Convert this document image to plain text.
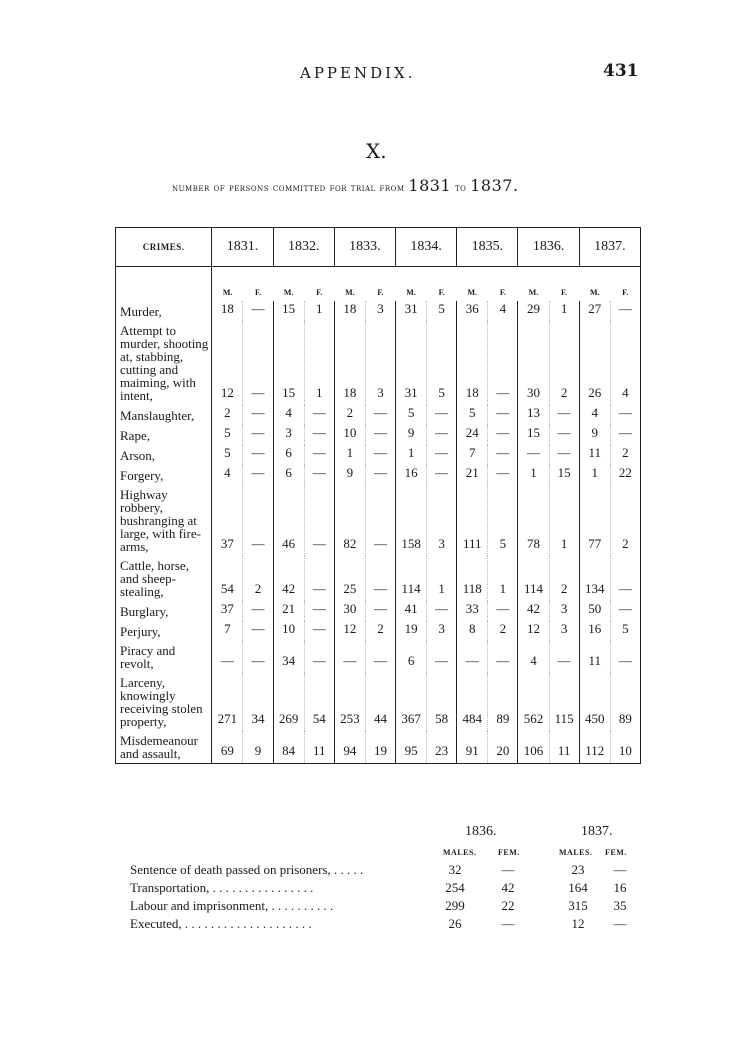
APPENDIX.	431
X.
number of persons committed for trial from 1831 to 1837.
CRIMES.	1831.		1832.		1833.		1834.		1835.		1836.		1837.	
	M.	F.	M.	F.	M.	F.	M.	F.	M.	F.	M.	F.	M.	F.
Murder,	18	—	15	1	18	3	31	5	36	4	29	1	27	—
Attempt to murder, shooting at, stabbing, cutting and maiming, with intent,	12	—	15	1	18	3	31	5	18	—	30	2	26	4
Manslaughter,	2	—	4	—	2	—	5	—	5	—	13	—	4	—
Rape,	5	—	3	—	10	—	9	—	24	—	15	—	9	—
Arson,	5	—	6	—	1	—	1	—	7	—	—	—	11	2
Forgery,	4	—	6	—	9	—	16	—	21	—	1	15	1	22
Highway robbery, bushranging at large, with fire-arms,	37	—	46	—	82	—	158	3	111	5	78	1	77	2
Cattle, horse, and sheep-stealing,	54	2	42	—	25	—	114	1	118	1	114	2	134	—
Burglary,	37	—	21	—	30	—	41	—	33	—	42	3	50	—
Perjury,	7	—	10	—	12	2	19	3	8	2	12	3	16	5
Piracy and revolt,	—	—	34	—	—	—	6	—	—	—	4	—	11	—
Larceny, knowingly receiving stolen property,	271	34	269	54	253	44	367	58	484	89	562	115	450	89
Misdemeanour and assault,	69	9	84	11	94	19	95	23	91	20	106	11	112	10
1836.	1837.
MALES.	FEM.	MALES. FEM.
Sentence of death passed on prisoners, . . . . .	32	—	23	—
Transportation, . . . . . . . . . . . . . . . .	254	42	164	16
Labour and imprisonment, . . . . . . . . . .	299	22	315	35
Executed, . . . . . . . . . . . . . . . . . . . .	26	—	12	—
